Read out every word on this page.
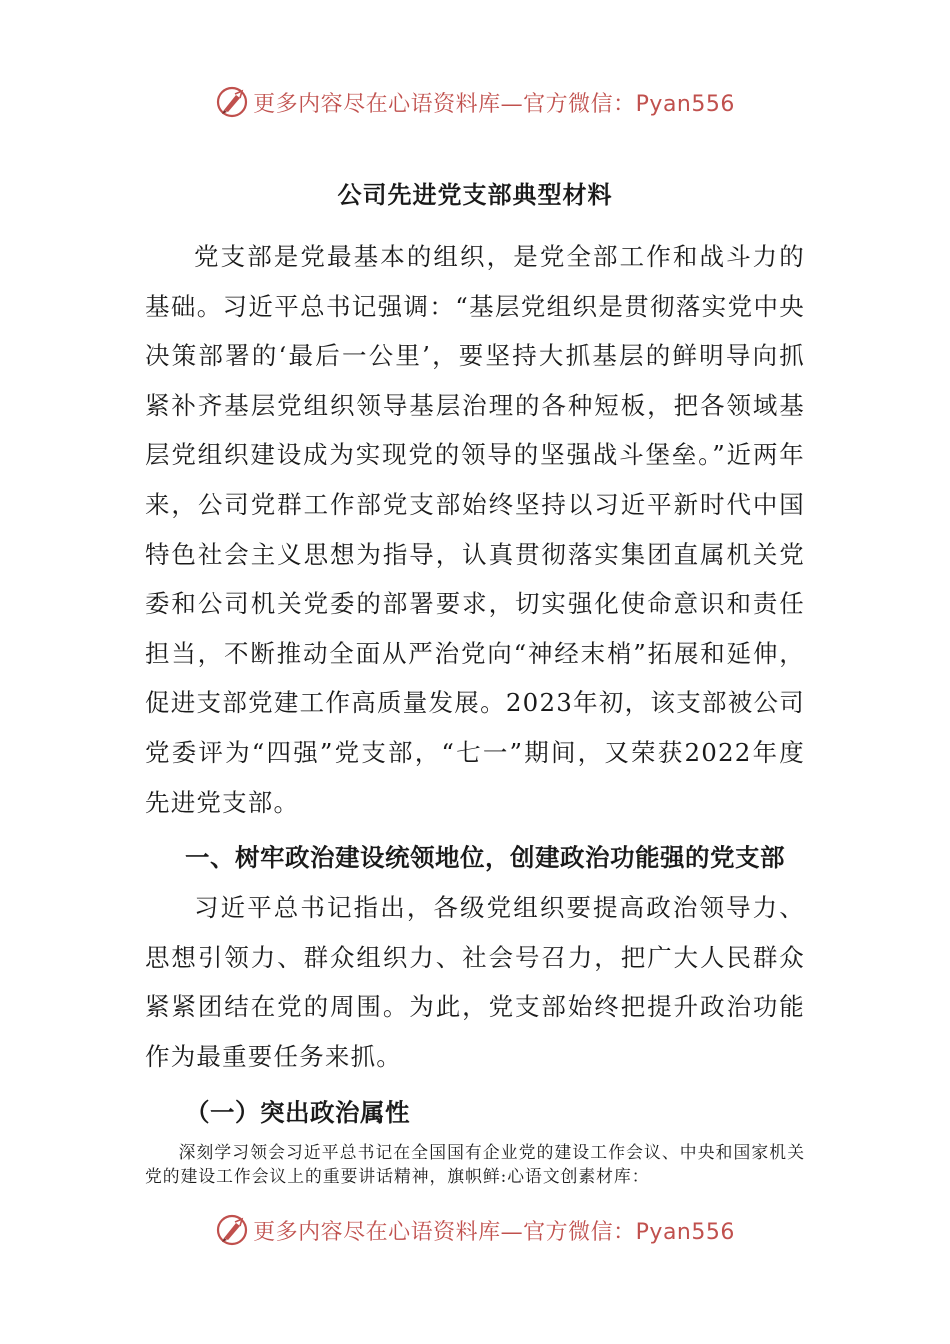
更多内容尽在心语资料库— 官方微信：Pyan556
公司先进党支部典型材料

党支部是党最基本的组织，是党全部工作和战斗力的基础。习近平总书记强调：“基层党组织是贯彻落实党中央决策部署的‘最后一公里’，要坚持大抓基层的鲜明导向抓紧补齐基层党组织领导基层治理的各种短板，把各领域基层党组织建设成为实现党的领导的坚强战斗堡垒。”近两年来，公司党群工作部党支部始终坚持以习近平新时代中国特色社会主义思想为指导，认真贯彻落实集团直属机关党委和公司机关党委的部署要求，切实强化使命意识和责任担当，不断推动全面从严治党向“神经末梢”拓展和延伸，促进支部党建工作高质量发展。2023年初，该支部被公司党委评为“四强”党支部，“七一”期间，又荣获2022年度先进党支部。

一、树牢政治建设统领地位，创建政治功能强的党支部

习近平总书记指出，各级党组织要提高政治领导力、思想引领力、群众组织力、社会号召力，把广大人民群众紧紧团结在党的周围。为此，党支部始终把提升政治功能作为最重要任务来抓。

（一）突出政治属性

深刻学习领会习近平总书记在全国国有企业党的建设工作会议、中央和国家机关党的建设工作会议上的重要讲话精神，旗帜鲜:心语文创素材库：

更多内容尽在心语资料库— 官方微信：Pyan556
